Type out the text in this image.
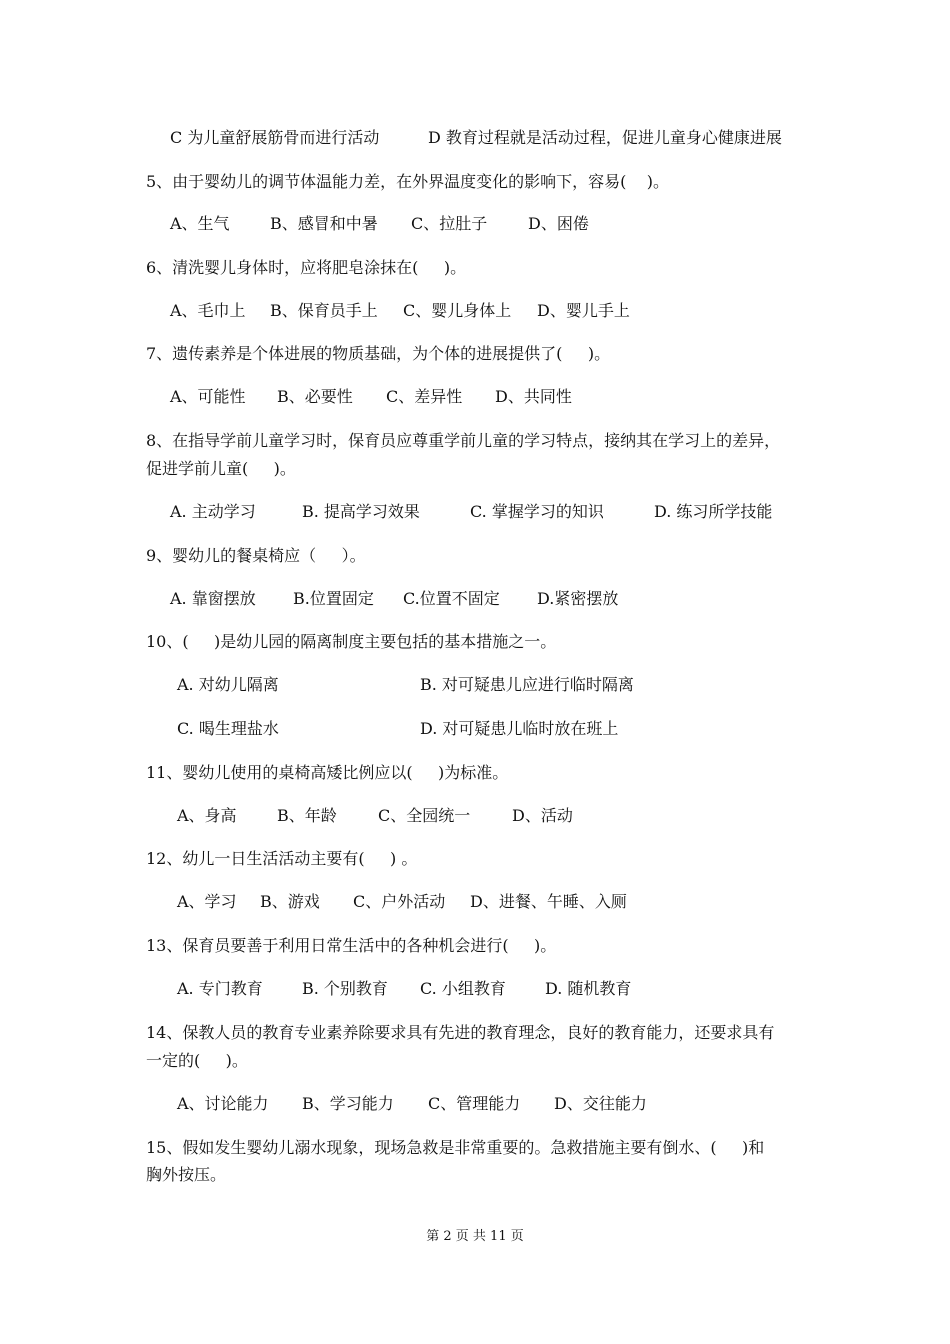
C 为儿童舒展筋骨而进行活动	D 教育过程就是活动过程，促进儿童身心健康进展
5、由于婴幼儿的调节体温能力差，在外界温度变化的影响下，容易(    )。
A、生气	B、感冒和中暑 C、拉肚子	D、困倦
6、清洗婴儿身体时，应将肥皂涂抹在(     )。
A、毛巾上 B、保育员手上 C、婴儿身体上 D、婴儿手上
7、遗传素养是个体进展的物质基础，为个体的进展提供了(     )。
A、可能性 B、必要性 C、差异性 D、共同性
8、在指导学前儿童学习时，保育员应尊重学前儿童的学习特点，接纳其在学习上的差异，
促进学前儿童(     )。
A. 主动学习	B. 提高学习效果	C. 掌握学习的知识	D. 练习所学技能
9、婴幼儿的餐桌椅应（     ）。
A. 靠窗摆放 B.位置固定 C.位置不固定 D.紧密摆放
10、(     )是幼儿园的隔离制度主要包括的基本措施之一。
A. 对幼儿隔离	B. 对可疑患儿应进行临时隔离
C. 喝生理盐水	D. 对可疑患儿临时放在班上
11、婴幼儿使用的桌椅高矮比例应以(     )为标准。
A、身高	B、年龄	C、全园统一	D、活动
12、幼儿一日生活活动主要有(     ) 。
A、学习 B、游戏 C、户外活动 D、进餐、午睡、入厕
13、保育员要善于利用日常生活中的各种机会进行(     )。
A. 专门教育 B. 个别教育 C. 小组教育 D. 随机教育
14、保教人员的教育专业素养除要求具有先进的教育理念，良好的教育能力，还要求具有
一定的(     )。
A、讨论能力 B、学习能力 C、管理能力 D、交往能力
15、假如发生婴幼儿溺水现象，现场急救是非常重要的。急救措施主要有倒水、(     )和
胸外按压。
第 2 页 共 11 页
